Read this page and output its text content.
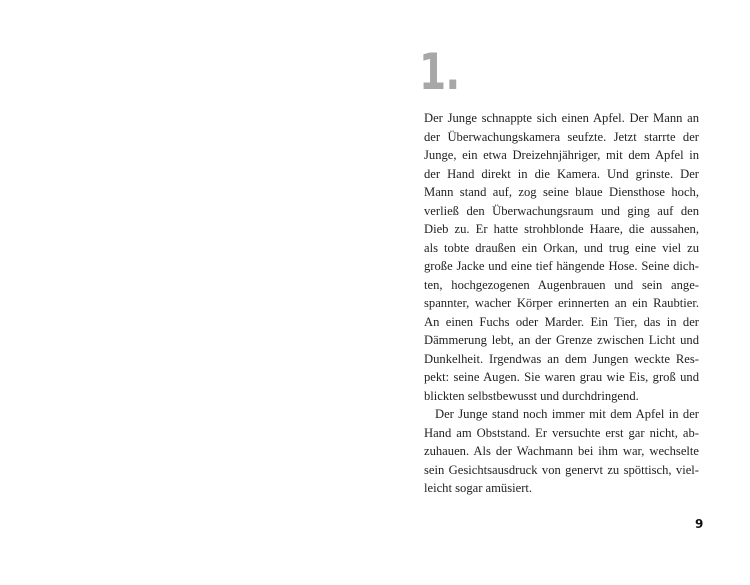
1.
Der Junge schnappte sich einen Apfel. Der Mann an
der Überwachungskamera seufzte. Jetzt starrte der
Junge, ein etwa Dreizehnjähriger, mit dem Apfel in
der Hand direkt in die Kamera. Und grinste. Der
Mann stand auf, zog seine blaue Diensthose hoch,
verließ den Überwachungsraum und ging auf den
Dieb zu. Er hatte strohblonde Haare, die aussahen,
als tobte draußen ein Orkan, und trug eine viel zu
große Jacke und eine tief hängende Hose. Seine dich-
ten, hochgezogenen Augenbrauen und sein ange-
spannter, wacher Körper erinnerten an ein Raubtier.
An einen Fuchs oder Marder. Ein Tier, das in der
Dämmerung lebt, an der Grenze zwischen Licht und
Dunkelheit. Irgendwas an dem Jungen weckte Res-
pekt: seine Augen. Sie waren grau wie Eis, groß und
blickten selbstbewusst und durchdringend.
Der Junge stand noch immer mit dem Apfel in der
Hand am Obststand. Er versuchte erst gar nicht, ab-
zuhauen. Als der Wachmann bei ihm war, wechselte
sein Gesichtsausdruck von genervt zu spöttisch, viel-
leicht sogar amüsiert.
9
